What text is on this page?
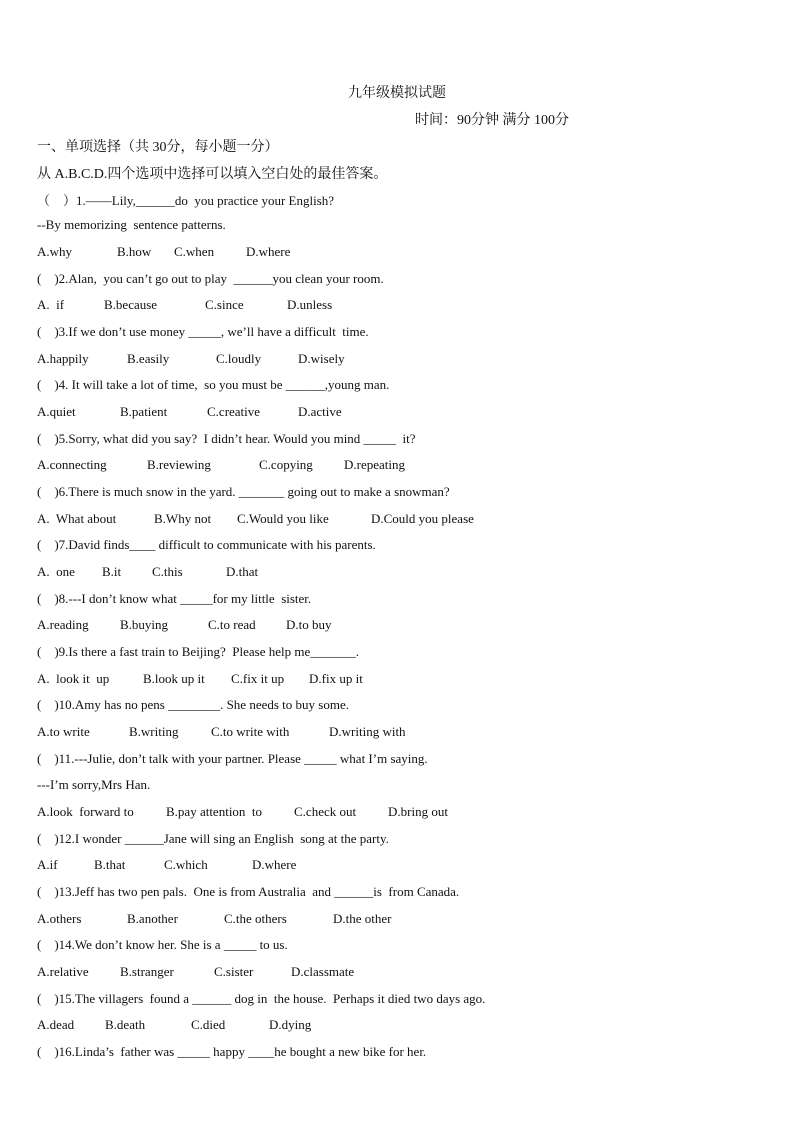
九年级模拟试题
时间：90分钟 满分 100分
一、单项选择（共 30分，每小题一分）
从 A.B.C.D.四个选项中选择可以填入空白处的最佳答案。
（    ）1.——Lily,______do  you practice your English?
--By memorizing  sentence patterns.
A.why	B.how C.when D.where
(    )2.Alan,  you can’t go out to play  ______you clean your room.
A.  if	B.because	C.since	D.unless
(    )3.If we don’t use money _____, we’ll have a difficult  time.
A.happily	B.easily	C.loudly	D.wisely
(    )4. It will take a lot of time,  so you must be ______,young man.
A.quiet	B.patient	C.creative	D.active
(    )5.Sorry, what did you say?  I didn’t hear. Would you mind _____  it?
A.connecting	B.reviewing	C.copying D.repeating
(    )6.There is much snow in the yard. _______ going out to make a snowman?
A.  What about	B.Why not C.Would you like	D.Could you please
(    )7.David finds____ difficult to communicate with his parents.
A.  one B.it C.this	D.that
(    )8.---I don’t know what _____for my little  sister.
A.reading B.buying	C.to read D.to buy
(    )9.Is there a fast train to Beijing?  Please help me_______.
A.  look it  up	B.look up it C.fix it up D.fix up it
(    )10.Amy has no pens ________. She needs to buy some.
A.to write	B.writing	C.to write with	D.writing with
(    )11.---Julie, don’t talk with your partner. Please _____ what I’m saying.
---I’m sorry,Mrs Han.
A.look  forward to B.pay attention  to C.check out D.bring out
(    )12.I wonder ______Jane will sing an English  song at the party.
A.if	B.that	C.which	D.where
(    )13.Jeff has two pen pals.  One is from Australia  and ______is  from Canada.
A.others	B.another	C.the others	D.the other
(    )14.We don’t know her. She is a _____ to us.
A.relative B.stranger	C.sister	D.classmate
(    )15.The villagers  found a ______ dog in  the house.  Perhaps it died two days ago.
A.dead B.death	C.died	D.dying
(    )16.Linda’s  father was _____ happy ____he bought a new bike for her.
